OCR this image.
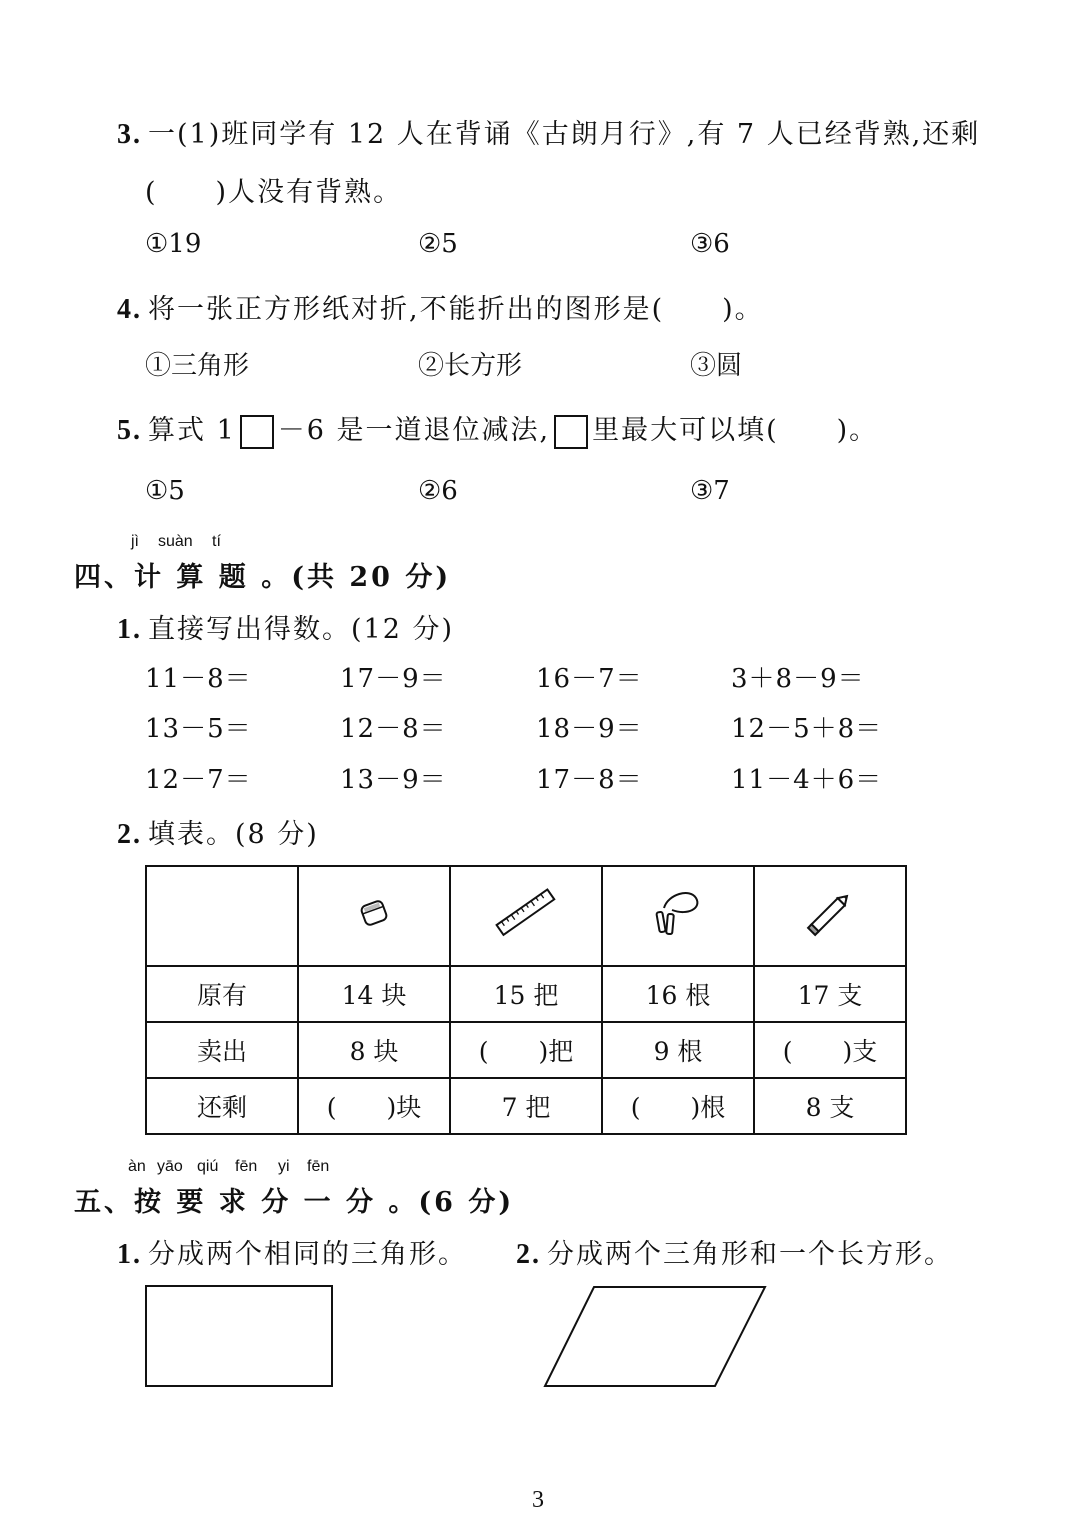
3. 一(1)班同学有 12 人在背诵《古朗月行》,有 7 人已经背熟,还剩
(　　)人没有背熟。
①19	②5	③6
4. 将一张正方形纸对折,不能折出的图形是(　　)。
①三角形	②长方形	③圆
5. 算式 1 －6 是一道退位减法, 里最大可以填(　　)。
①5	②6	③7
jì suàn tí
四、计 算 题 。(共 20 分)
1. 直接写出得数。(12 分)
11－8＝	17－9＝	16－7＝	3＋8－9＝
13－5＝	12－8＝	18－9＝	12－5＋8＝
12－7＝	13－9＝	17－8＝	11－4＋6＝
2. 填表。(8 分)

原有	14 块	15 把	16 根	17 支
卖出	8 块	(　　)把	9 根	(　　)支
还剩	(　　)块	7 把	(　　)根	8 支
àn yāo qiú fēn yi fēn
五、按 要 求 分 一 分 。(6 分)
1. 分成两个相同的三角形。 2. 分成两个三角形和一个长方形。
3
